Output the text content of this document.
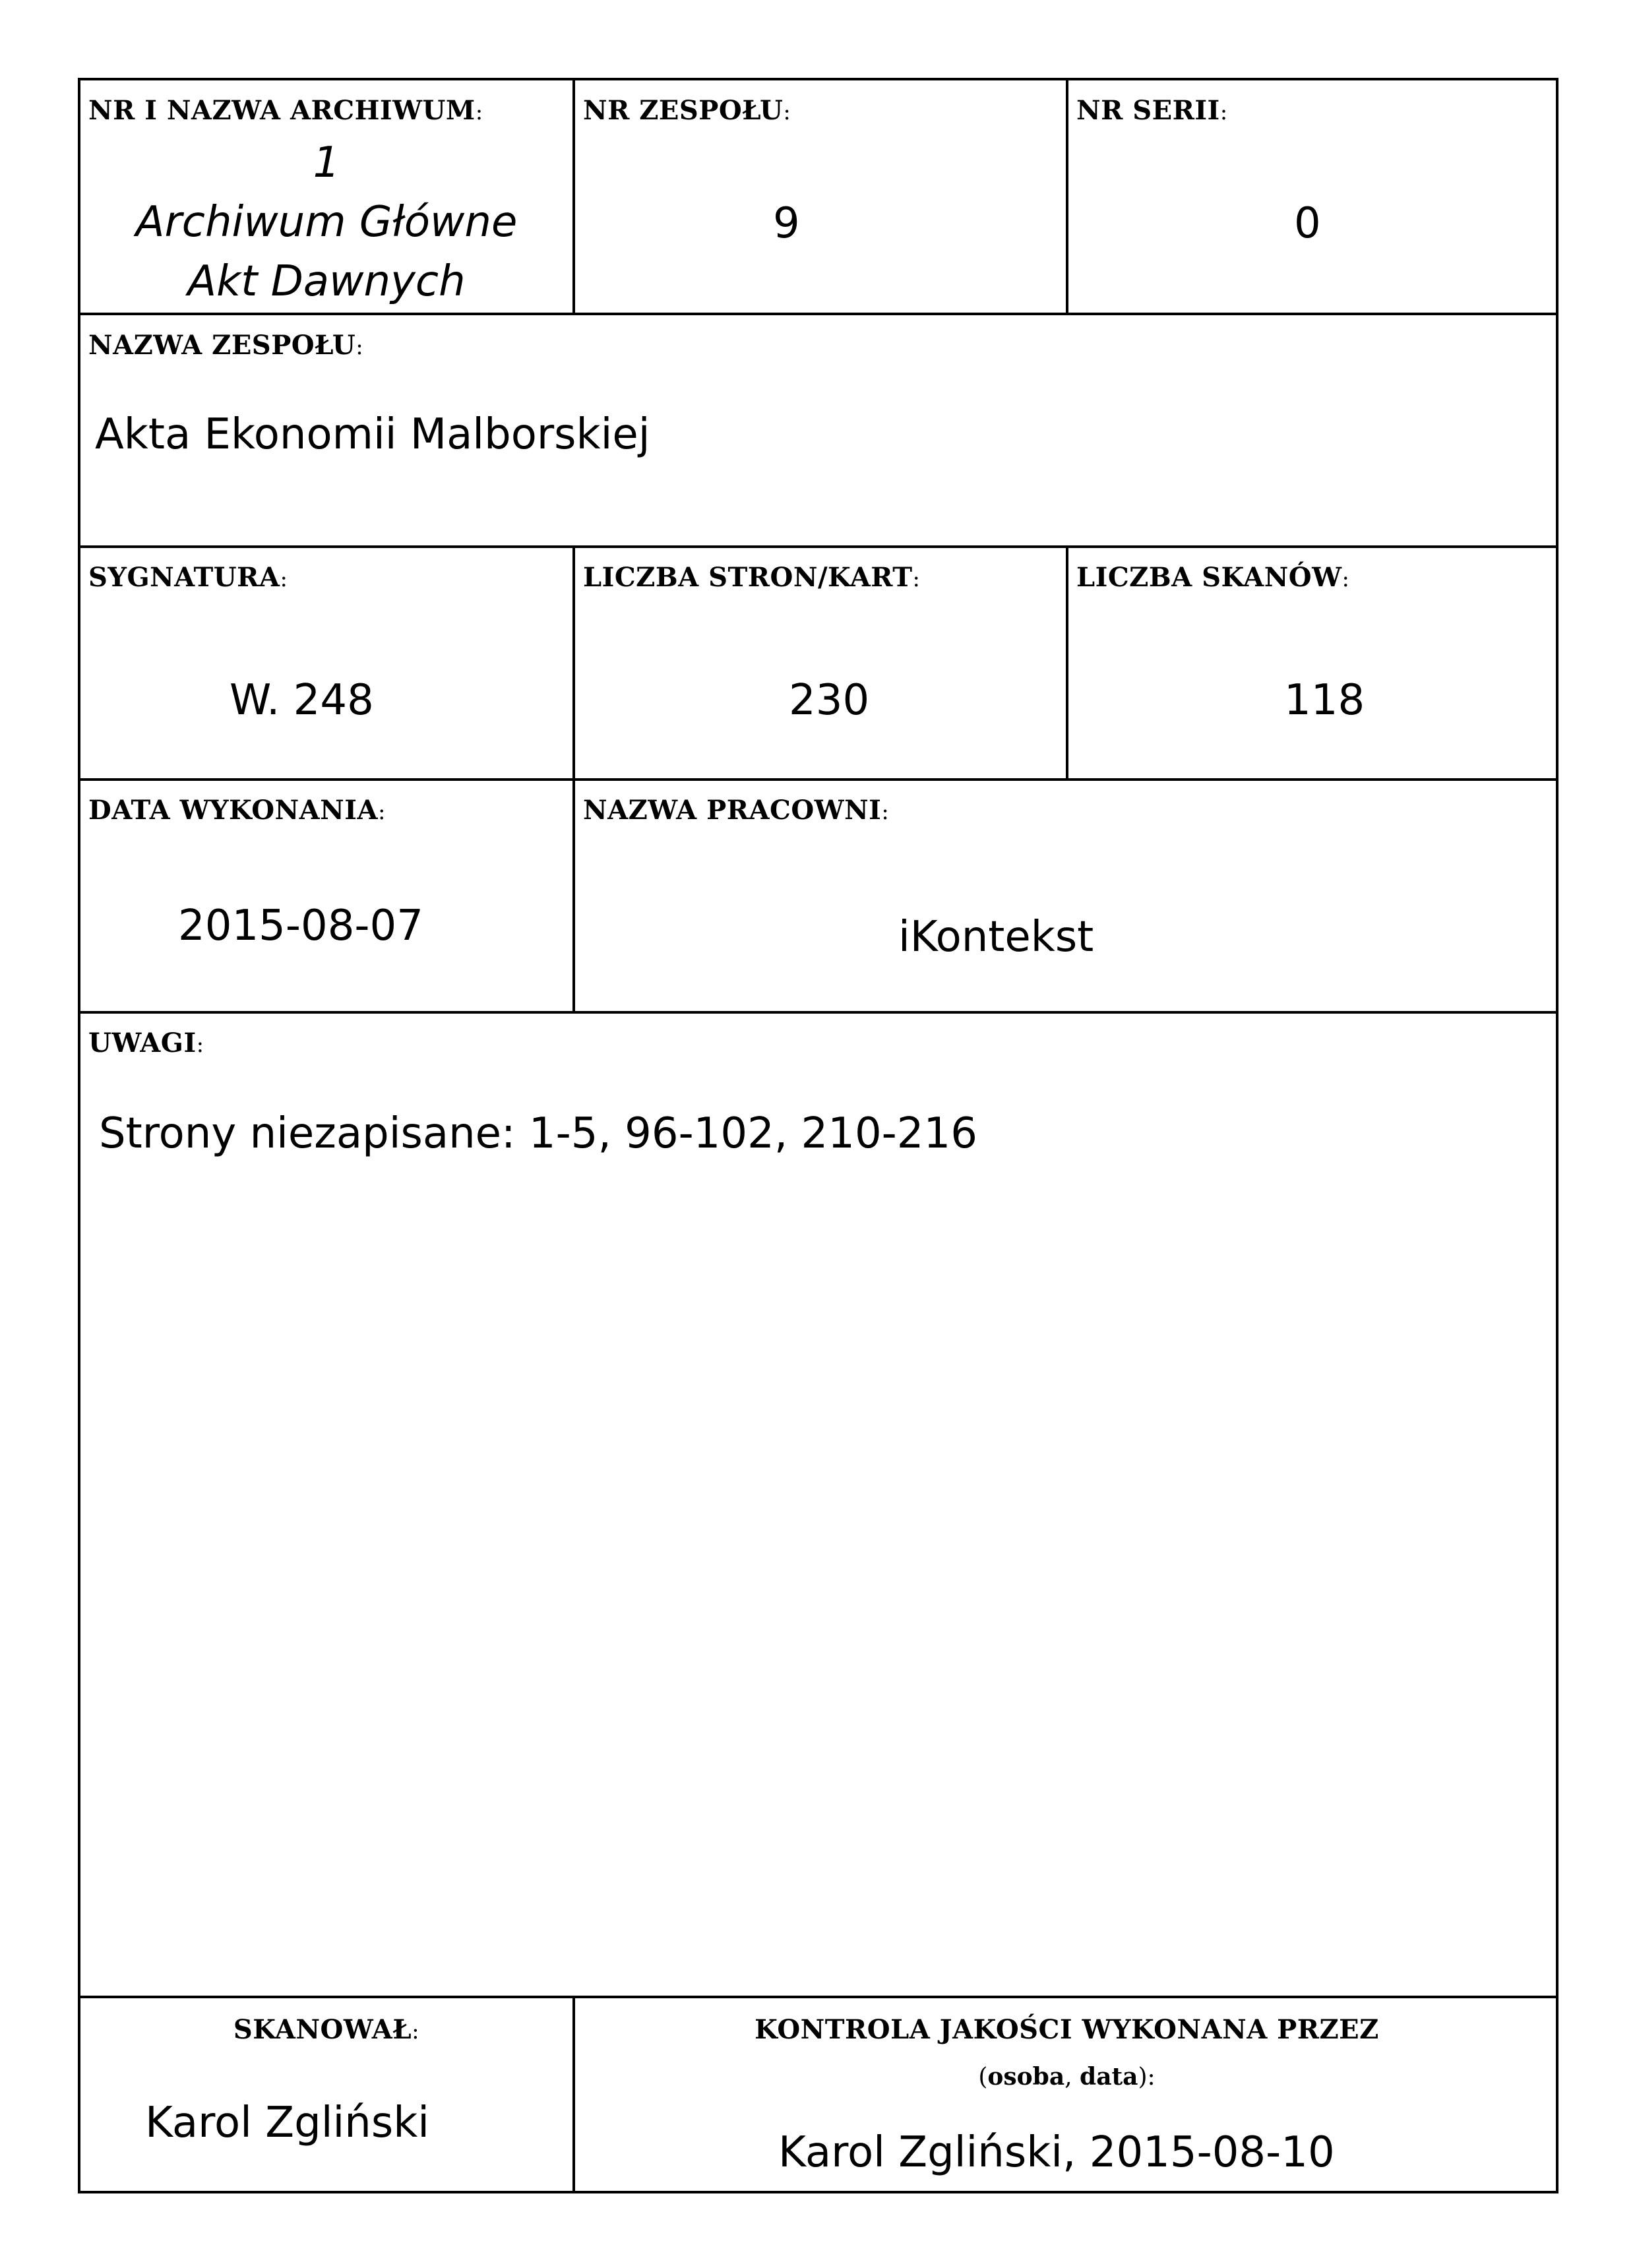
NR I NAZWA ARCHIWUM:
1
Archiwum Główne
Akt Dawnych
NR ZESPOŁU:
9
NR SERII:
0
NAZWA ZESPOŁU:
Akta Ekonomii Malborskiej
SYGNATURA:
W. 248
LICZBA STRON/KART:
230
LICZBA SKANÓW:
118
DATA WYKONANIA:
2015-08-07
NAZWA PRACOWNI:
iKontekst
UWAGI:
Strony niezapisane: 1-5, 96-102, 210-216
SKANOWAŁ:
Karol Zgliński
KONTROLA JAKOŚCI WYKONANA PRZEZ
(osoba, data):
Karol Zgliński, 2015-08-10
